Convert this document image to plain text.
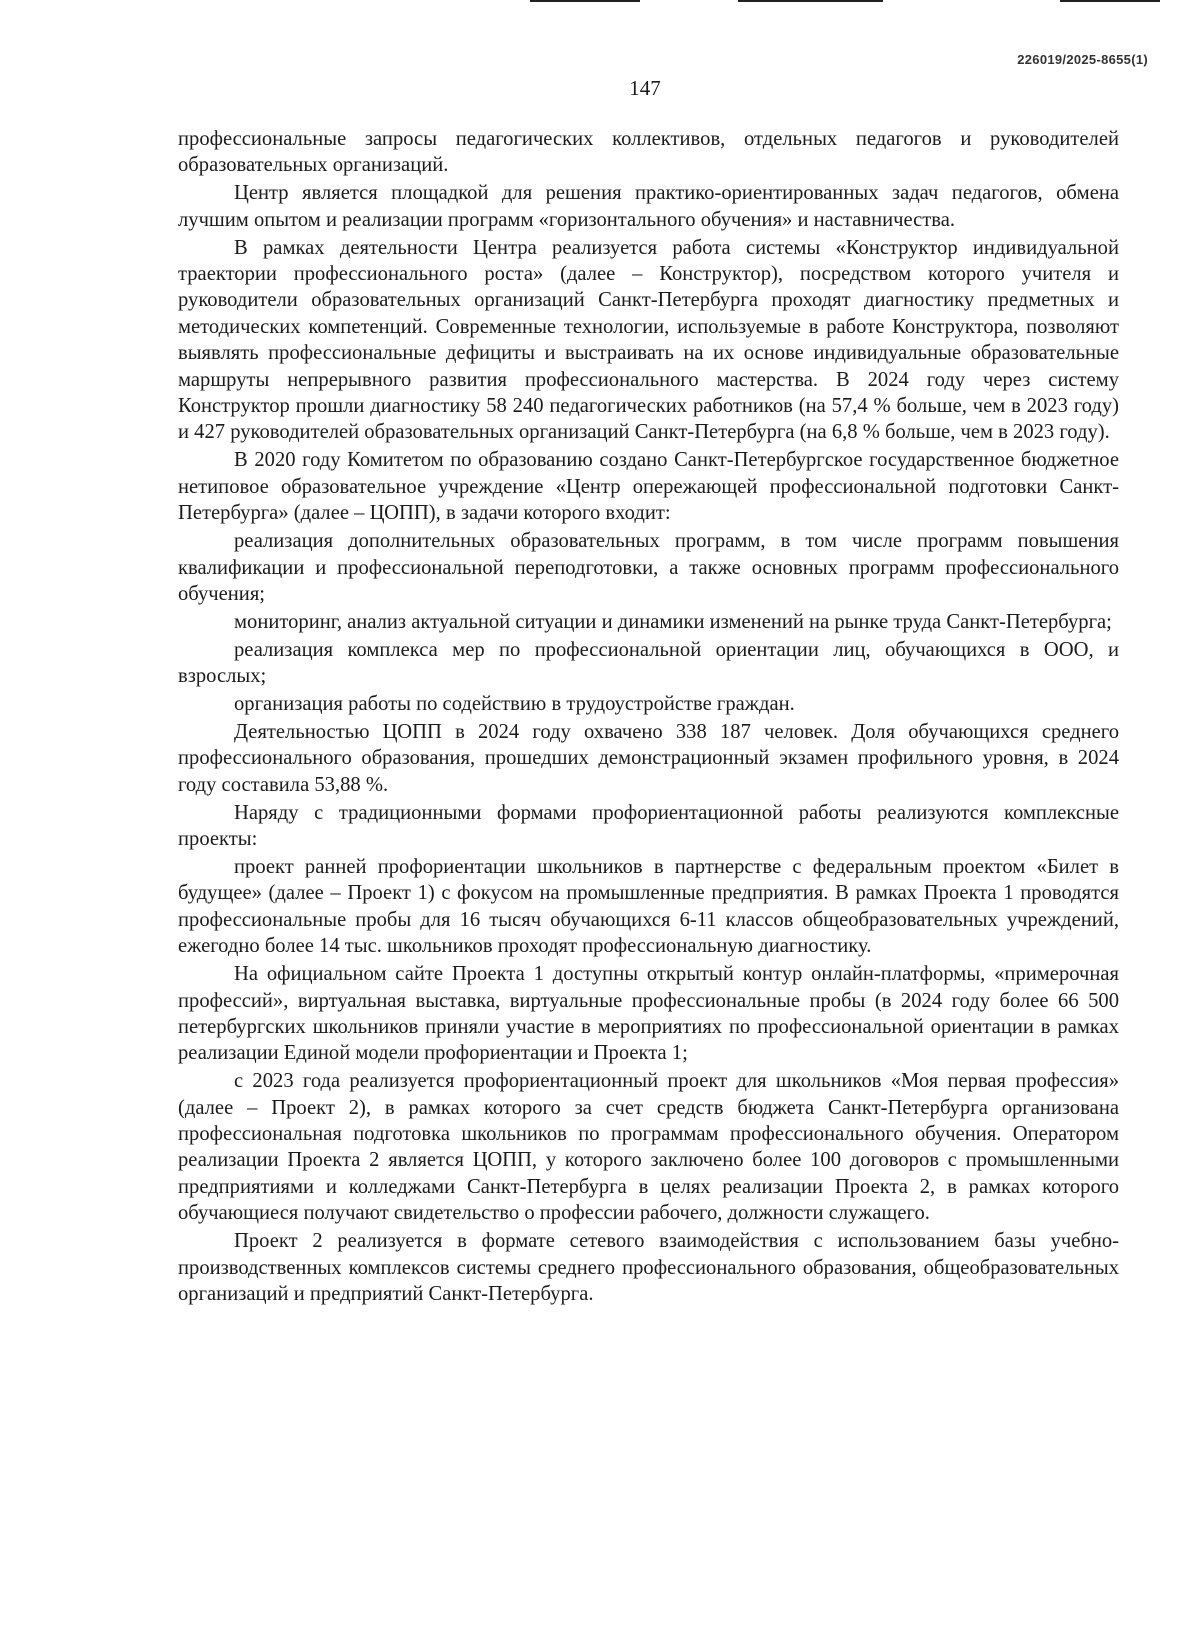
226019/2025-8655(1)
147

профессиональные запросы педагогических коллективов, отдельных педагогов и руководителей образовательных организаций.

Центр является площадкой для решения практико-ориентированных задач педагогов, обмена лучшим опытом и реализации программ «горизонтального обучения» и наставничества.

В рамках деятельности Центра реализуется работа системы «Конструктор индивидуальной траектории профессионального роста» (далее – Конструктор), посредством которого учителя и руководители образовательных организаций Санкт-Петербурга проходят диагностику предметных и методических компетенций. Современные технологии, используемые в работе Конструктора, позволяют выявлять профессиональные дефициты и выстраивать на их основе индивидуальные образовательные маршруты непрерывного развития профессионального мастерства. В 2024 году через систему Конструктор прошли диагностику 58 240 педагогических работников (на 57,4 % больше, чем в 2023 году) и 427 руководителей образовательных организаций Санкт-Петербурга (на 6,8 % больше, чем в 2023 году).

В 2020 году Комитетом по образованию создано Санкт-Петербургское государственное бюджетное нетиповое образовательное учреждение «Центр опережающей профессиональной подготовки Санкт-Петербурга» (далее – ЦОПП), в задачи которого входит:

реализация дополнительных образовательных программ, в том числе программ повышения квалификации и профессиональной переподготовки, а также основных программ профессионального обучения;

мониторинг, анализ актуальной ситуации и динамики изменений на рынке труда Санкт-Петербурга;

реализация комплекса мер по профессиональной ориентации лиц, обучающихся в ООО, и взрослых;

организация работы по содействию в трудоустройстве граждан.

Деятельностью ЦОПП в 2024 году охвачено 338 187 человек. Доля обучающихся среднего профессионального образования, прошедших демонстрационный экзамен профильного уровня, в 2024 году составила 53,88 %.

Наряду с традиционными формами профориентационной работы реализуются комплексные проекты:

проект ранней профориентации школьников в партнерстве с федеральным проектом «Билет в будущее» (далее – Проект 1) с фокусом на промышленные предприятия. В рамках Проекта 1 проводятся профессиональные пробы для 16 тысяч обучающихся 6-11 классов общеобразовательных учреждений, ежегодно более 14 тыс. школьников проходят профессиональную диагностику.

На официальном сайте Проекта 1 доступны открытый контур онлайн-платформы, «примерочная профессий», виртуальная выставка, виртуальные профессиональные пробы (в 2024 году более 66 500 петербургских школьников приняли участие в мероприятиях по профессиональной ориентации в рамках реализации Единой модели профориентации и Проекта 1;

с 2023 года реализуется профориентационный проект для школьников «Моя первая профессия» (далее – Проект 2), в рамках которого за счет средств бюджета Санкт-Петербурга организована профессиональная подготовка школьников по программам профессионального обучения. Оператором реализации Проекта 2 является ЦОПП, у которого заключено более 100 договоров с промышленными предприятиями и колледжами Санкт-Петербурга в целях реализации Проекта 2, в рамках которого обучающиеся получают свидетельство о профессии рабочего, должности служащего.

Проект 2 реализуется в формате сетевого взаимодействия с использованием базы учебно-производственных комплексов системы среднего профессионального образования, общеобразовательных организаций и предприятий Санкт-Петербурга.
